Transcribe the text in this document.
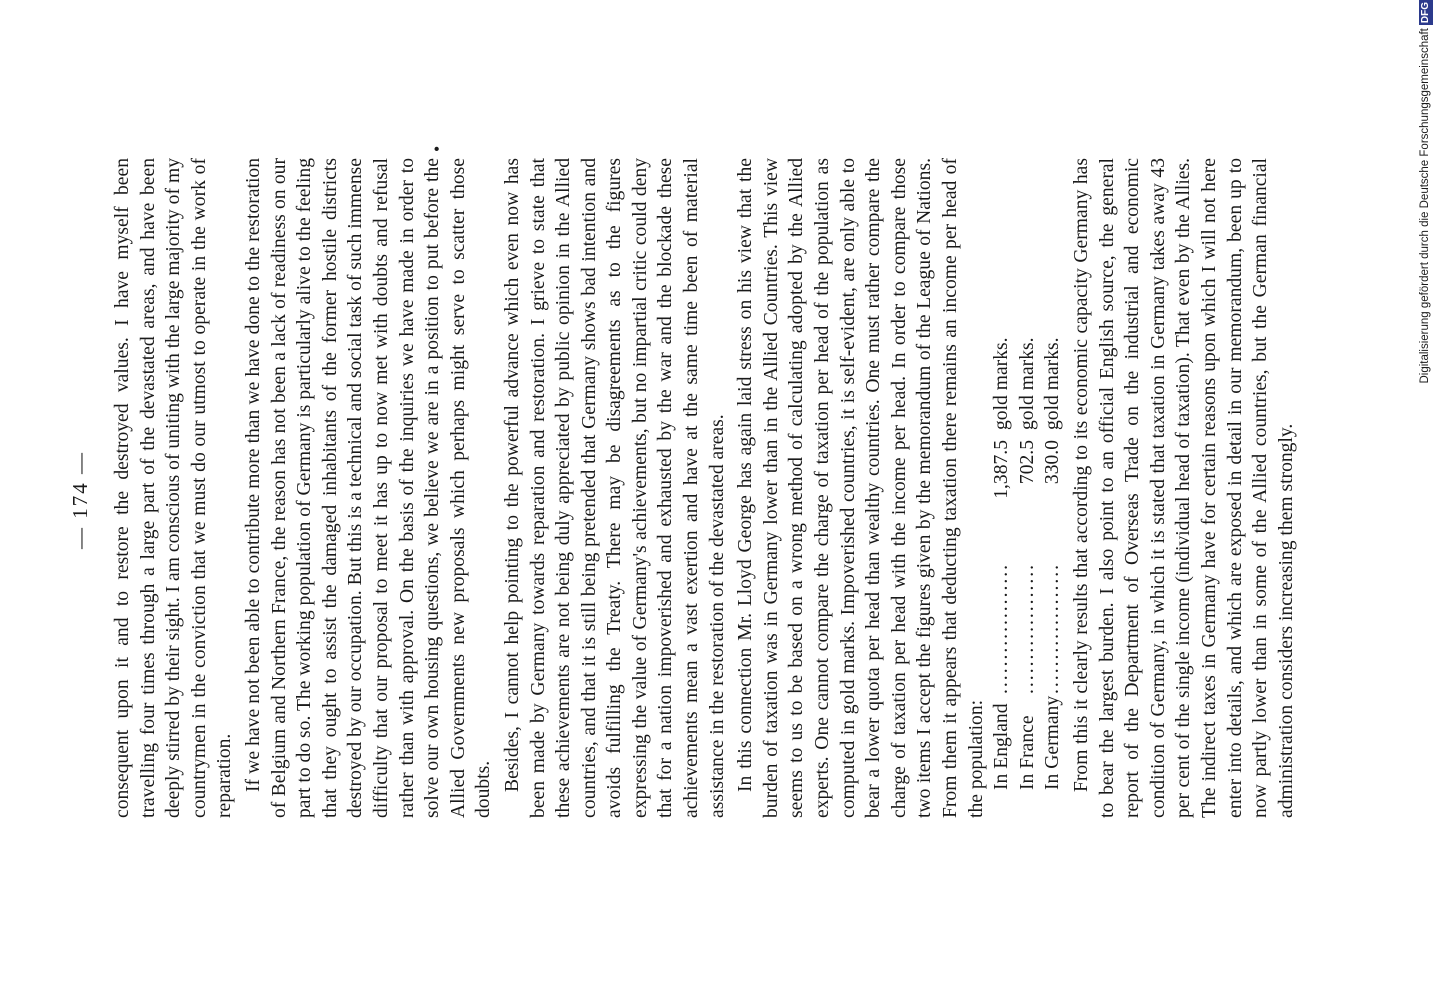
— 174 — consequent upon it and to restore the destroyed values. I have myself been travelling four times through a large part of the devastated areas, and have been deeply stirred by their sight. I am conscious of uniting with the large majority of my countrymen in the conviction that we must do our utmost to operate in the work of reparation. If we have not been able to contribute more than we have done to the restoration of Belgium and Northern France, the reason has not been a lack of readiness on our part to do so. The working population of Germany is particularly alive to the feeling that they ought to assist the damaged inhabitants of the former hostile districts destroyed by our occupation. But this is a technical and social task of such immense difficulty that our proposal to meet it has up to now met with doubts and refusal rather than with approval. On the basis of the inquiries we have made in order to solve our own housing questions, we believe we are in a position to put before the Allied Governments new proposals which perhaps might serve to scatter those doubts. Besides, I cannot help pointing to the powerful advance which even now has been made by Germany towards reparation and restoration. I grieve to state that these achievements are not being duly appreciated by public opinion in the Allied countries, and that it is still being pretended that Germany shows bad intention and avoids fulfilling the Treaty. There may be disagreements as to the figures expressing the value of Germany's achievements, but no impartial critic could deny that for a nation impoverished and exhausted by the war and the blockade these achievements mean a vast exertion and have at the same time been of material assistance in the restoration of the devastated areas. In this connection Mr. Lloyd George has again laid stress on his view that the burden of taxation was in Germany lower than in the Allied Countries. This view seems to us to be based on a wrong method of calculating adopted by the Allied experts. One cannot compare the charge of taxation per head of the population as computed in gold marks. Impoverished countries, it is self-evident, are only able to bear a lower quota per head than wealthy countries. One must rather compare the charge of taxation per head with the income per head. In order to compare those two items I accept the figures given by the memorandum of the League of Nations. From them it appears that deducting taxation there remains an income per head of the population: In England
...................
1,387.5
gold marks.
In France
...................
702.5
gold marks.
In Germany
...................
330.0
gold marks. From this it clearly results that according to its economic capacity Germany has to bear the largest burden. I also point to an official English source, the general report of the Department of Overseas Trade on the industrial and economic condition of Germany, in which it is stated that taxation in Germany takes away 43 per cent of the single income (individual head of taxation). That even by the Allies. The indirect taxes in Germany have for certain reasons upon which I will not here enter into details, and which are exposed in detail in our memorandum, been up to now partly lower than in some of the Allied countries, but the German financial administration considers increasing them strongly.

•	Digitalisierung gefördert durch die Deutsche ForschungsgemeinschaftDFG
